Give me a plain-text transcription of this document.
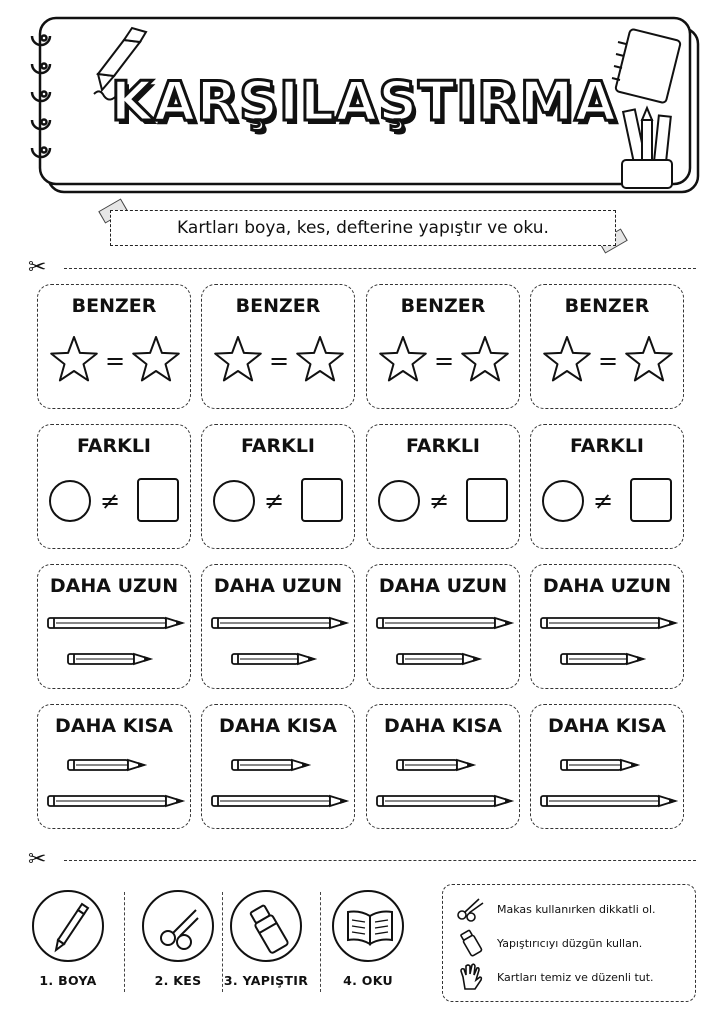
KARŞILAŞTIRMA
Kartları boya, kes, defterine yapıştır ve oku.
✂
BENZER
=
BENZER
=
BENZER
=
BENZER
=
FARKLI
≠
FARKLI
≠
FARKLI
≠
FARKLI
≠
DAHA UZUN	DAHA UZUN	DAHA UZUN	DAHA UZUN
DAHA KISA	DAHA KISA	DAHA KISA	DAHA KISA
✂
1. BOYA	2. KES	3. YAPIŞTIR	4. OKU
Makas kullanırken dikkatli ol.
Yapıştırıcıyı düzgün kullan.
Kartları temiz ve düzenli tut.
